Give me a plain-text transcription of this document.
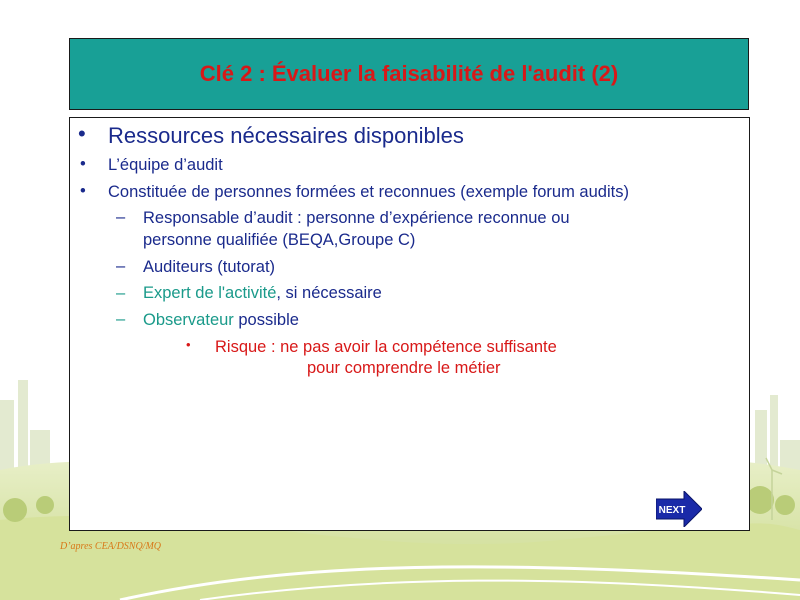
Clé 2 : Évaluer la faisabilité de l'audit (2)
• Ressources nécessaires disponibles
• L’équipe d’audit
• Constituée de personnes formées et reconnues (exemple forum audits)
– Responsable d’audit : personne d’expérience reconnue ou
personne qualifiée (BEQA,Groupe C)
– Auditeurs (tutorat)
– Expert de l'activité, si nécessaire
– Observateur possible
• Risque : ne pas avoir la compétence suffisante
pour comprendre le métier
NEXT
D’apres CEA/DSNQ/MQ
